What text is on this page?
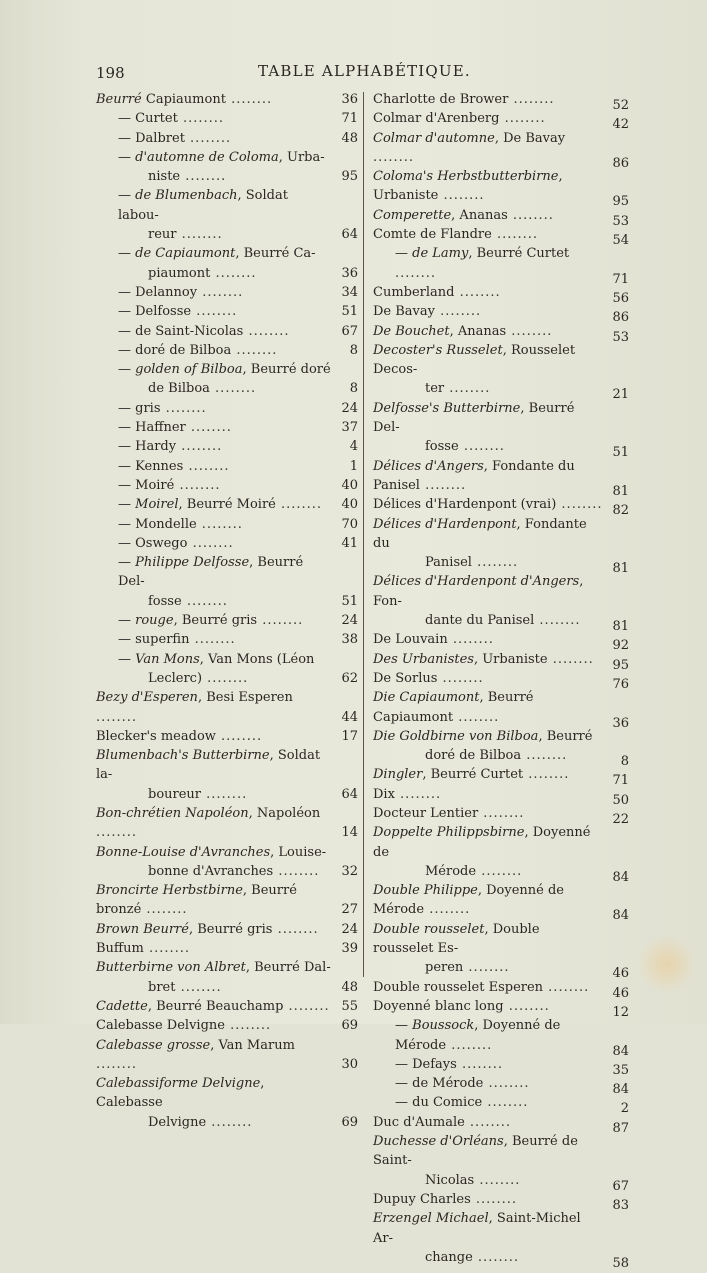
198	TABLE ALPHABÉTIQUE.
Beurré Capiaumont ........	36
— Curtet ........	71
— Dalbret ........	48
— d'automne de Coloma, Urba-
niste ........	95
— de Blumenbach, Soldat labou-
reur ........	64
— de Capiaumont, Beurré Ca-
piaumont ........	36
— Delannoy ........	34
— Delfosse ........	51
— de Saint-Nicolas ........	67
— doré de Bilboa ........	8
— golden of Bilboa, Beurré doré
de Bilboa ........	8
— gris ........	24
— Haffner ........	37
— Hardy ........	4
— Kennes ........	1
— Moiré ........	40
— Moirel, Beurré Moiré ........	40
— Mondelle ........	70
— Oswego ........	41
— Philippe Delfosse, Beurré Del-
fosse ........	51
— rouge, Beurré gris ........	24
— superfin ........	38
— Van Mons, Van Mons (Léon
Leclerc) ........	62
Bezy d'Esperen, Besi Esperen ........	44
Blecker's meadow ........	17
Blumenbach's Butterbirne, Soldat la-
boureur ........	64
Bon-chrétien Napoléon, Napoléon ........	14
Bonne-Louise d'Avranches, Louise-
bonne d'Avranches ........	32
Broncirte Herbstbirne, Beurré bronzé ........	27
Brown Beurré, Beurré gris ........	24
Buffum ........	39
Butterbirne von Albret, Beurré Dal-
bret ........	48
Cadette, Beurré Beauchamp ........ 55
Calebasse Delvigne ........	69
Calebasse grosse, Van Marum ........	30
Calebassiforme Delvigne, Calebasse
Delvigne ........	69
Charlotte de Brower ........	52
Colmar d'Arenberg ........	42
Colmar d'automne, De Bavay ........	86
Coloma's Herbstbutterbirne, Urbaniste ........	95
Comperette, Ananas ........	53
Comte de Flandre ........	54
— de Lamy, Beurré Curtet ........	71
Cumberland ........	56
De Bavay ........	86
De Bouchet, Ananas ........	53
Decoster's Russelet, Rousselet Decos-
ter ........	21
Delfosse's Butterbirne, Beurré Del-
fosse ........	51
Délices d'Angers, Fondante du Panisel ........	81
Délices d'Hardenpont (vrai) ........ 82
Délices d'Hardenpont, Fondante du
Panisel ........	81
Délices d'Hardenpont d'Angers, Fon-
dante du Panisel ........	81
De Louvain ........	92
Des Urbanistes, Urbaniste ........	95
De Sorlus ........	76
Die Capiaumont, Beurré Capiaumont ........	36
Die Goldbirne von Bilboa, Beurré
doré de Bilboa ........	8
Dingler, Beurré Curtet ........	71
Dix ........	50
Docteur Lentier ........	22
Doppelte Philippsbirne, Doyenné de
Mérode ........	84
Double Philippe, Doyenné de Mérode ........	84
Double rousselet, Double rousselet Es-
peren ........	46
Double rousselet Esperen ........	46
Doyenné blanc long ........	12
— Boussock, Doyenné de Mérode ........	84
— Defays ........	35
— de Mérode ........	84
— du Comice ........	2
Duc d'Aumale ........	87
Duchesse d'Orléans, Beurré de Saint-
Nicolas ........	67
Dupuy Charles ........	83
Erzengel Michael, Saint-Michel Ar-
change ........	58
